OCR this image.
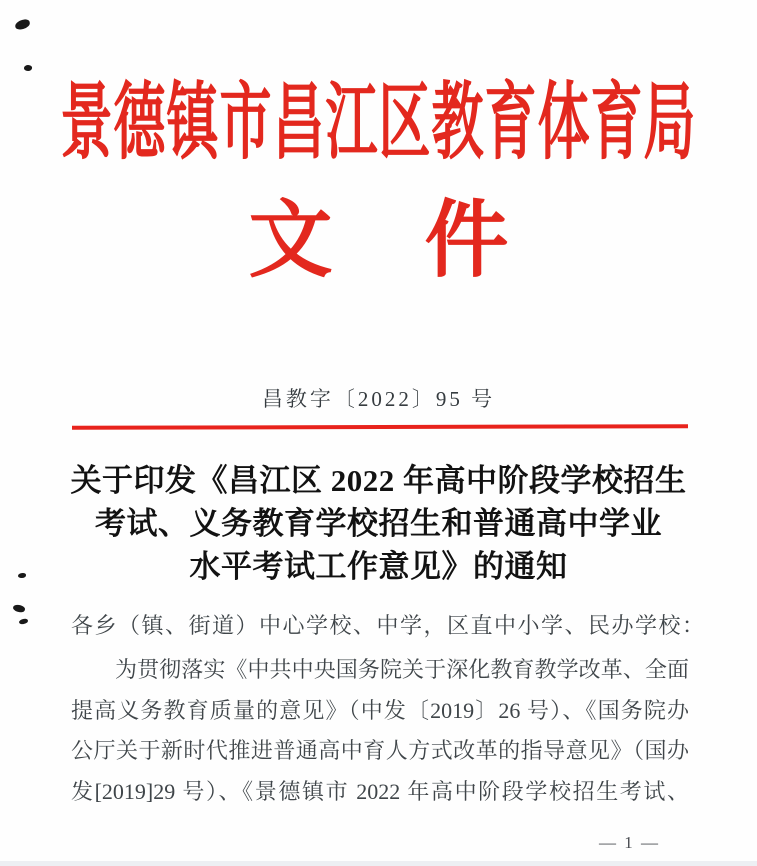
景德镇市昌江区教育体育局
文 件
昌教字〔2022〕95 号
关于印发《昌江区 2022 年高中阶段学校招生
考试、义务教育学校招生和普通高中学业
水平考试工作意见》的通知
各乡（镇、街道）中心学校、中学，区直中小学、民办学校：
为贯彻落实《中共中央国务院关于深化教育教学改革、全面
提高义务教育质量的意见》（中发〔2019〕26 号）、《国务院办
公厅关于新时代推进普通高中育人方式改革的指导意见》（国办
发[2019]29 号）、《景德镇市 2022 年高中阶段学校招生考试、
— 1 —
